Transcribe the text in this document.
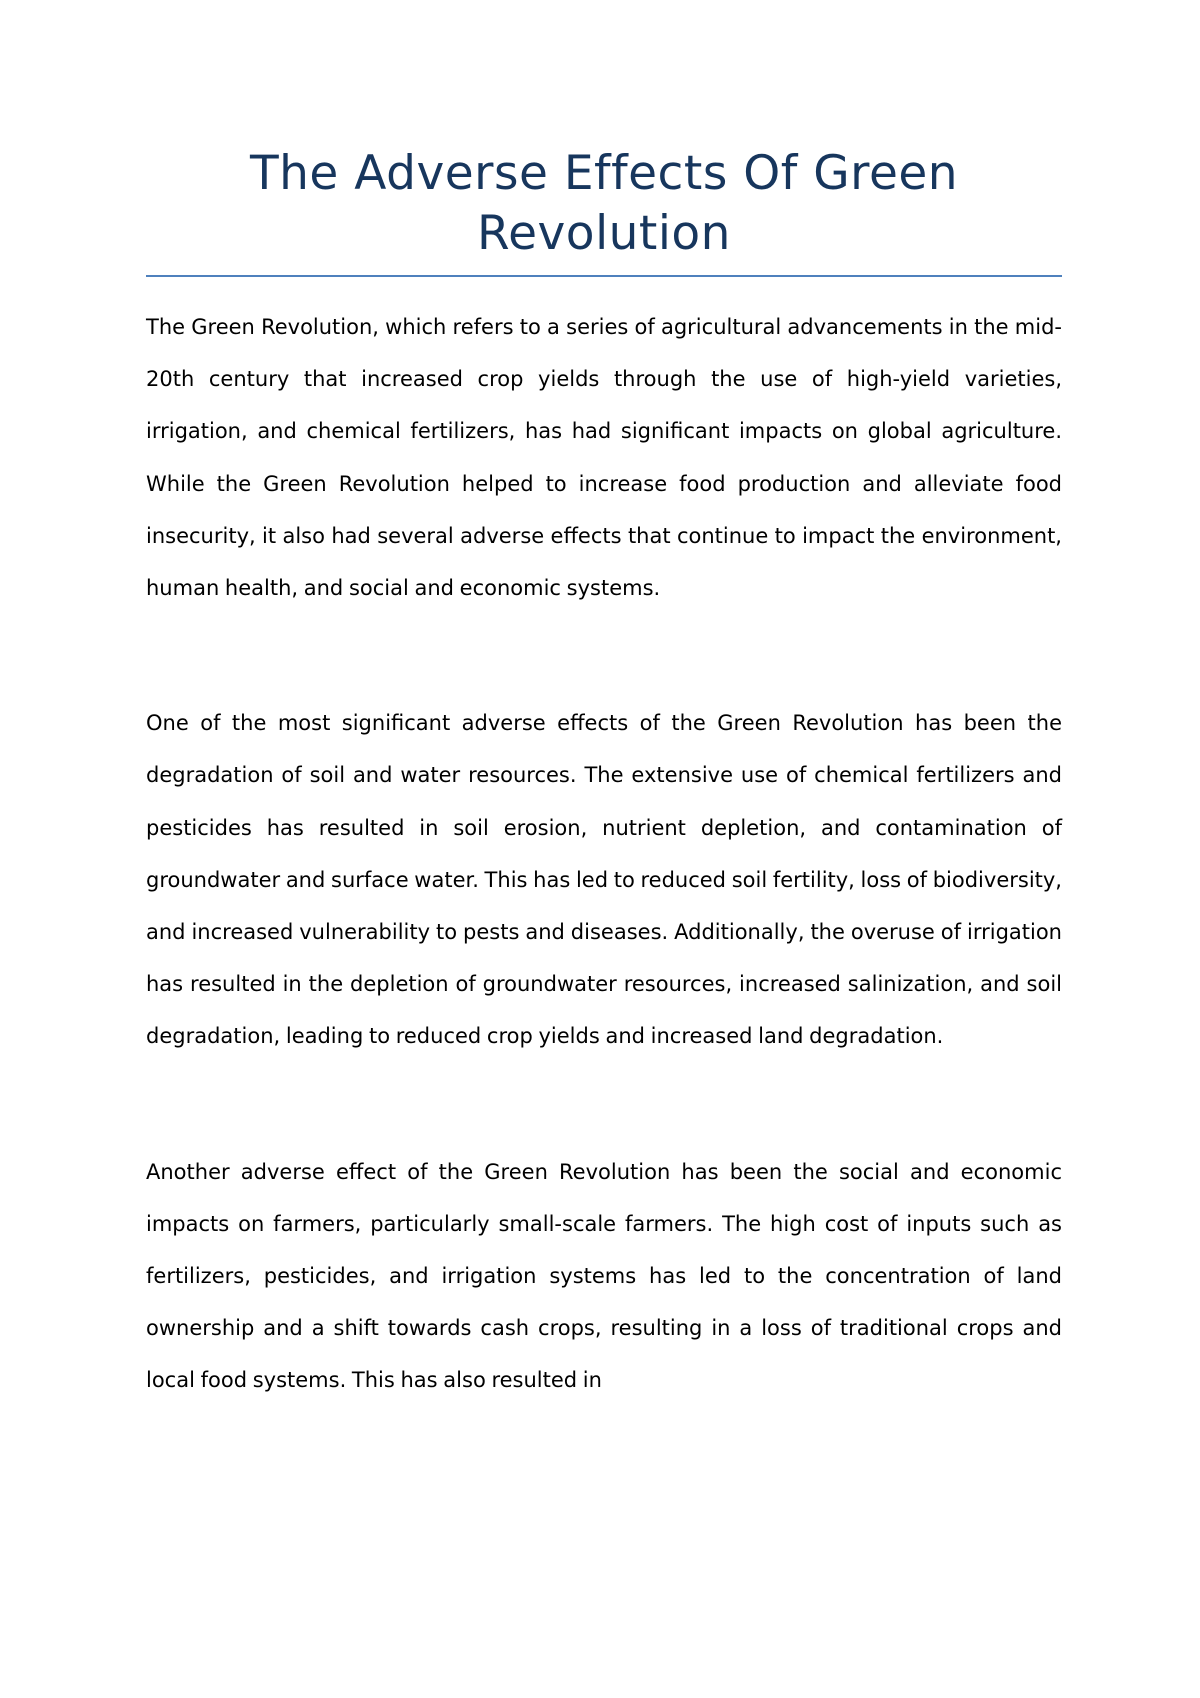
The Adverse Effects Of Green Revolution

The Green Revolution, which refers to a series of agricultural advancements in the mid-20th century that increased crop yields through the use of high-yield varieties, irrigation, and chemical fertilizers, has had significant impacts on global agriculture. While the Green Revolution helped to increase food production and alleviate food insecurity, it also had several adverse effects that continue to impact the environment, human health, and social and economic systems.

One of the most significant adverse effects of the Green Revolution has been the degradation of soil and water resources. The extensive use of chemical fertilizers and pesticides has resulted in soil erosion, nutrient depletion, and contamination of groundwater and surface water. This has led to reduced soil fertility, loss of biodiversity, and increased vulnerability to pests and diseases. Additionally, the overuse of irrigation has resulted in the depletion of groundwater resources, increased salinization, and soil degradation, leading to reduced crop yields and increased land degradation.

Another adverse effect of the Green Revolution has been the social and economic impacts on farmers, particularly small-scale farmers. The high cost of inputs such as fertilizers, pesticides, and irrigation systems has led to the concentration of land ownership and a shift towards cash crops, resulting in a loss of traditional crops and local food systems. This has also resulted in
